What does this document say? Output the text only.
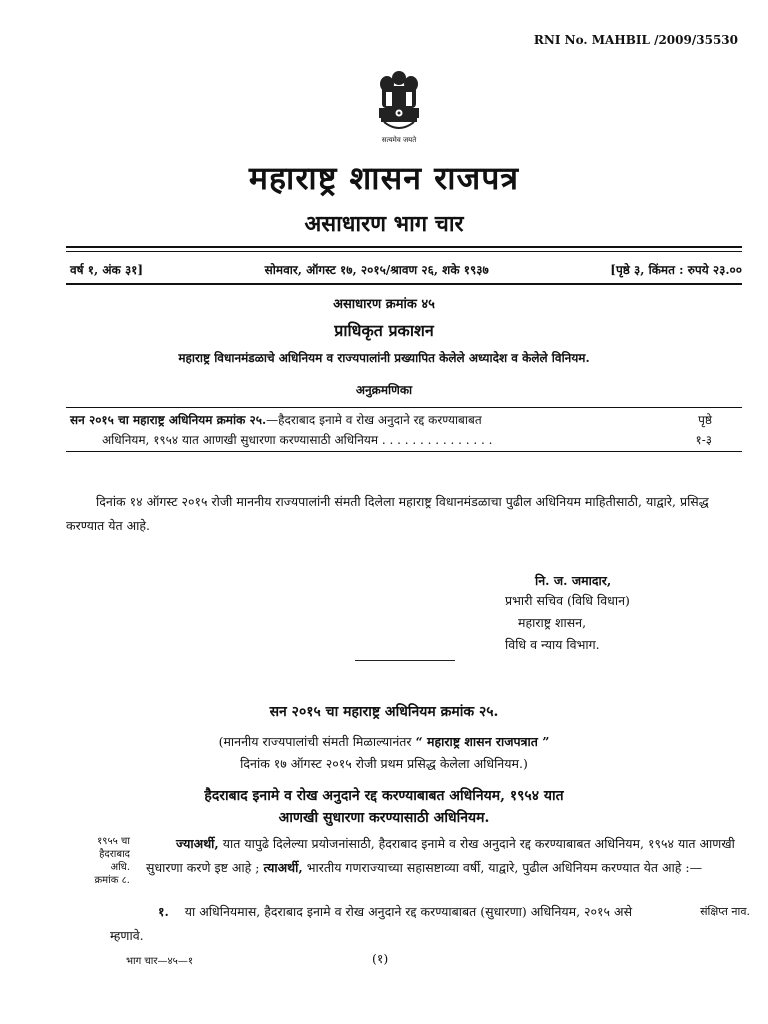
RNI No. MAHBIL /2009/35530
सत्यमेव जयते
महाराष्ट्र शासन राजपत्र
असाधारण भाग चार
वर्ष १, अंक ३१]	सोमवार, ऑगस्ट १७, २०१५/श्रावण २६, शके १९३७	[पृष्ठे ३, किंमत : रुपये २३.००
असाधारण क्रमांक ४५
प्राधिकृत प्रकाशन
महाराष्ट्र विधानमंडळाचे अधिनियम व राज्यपालांनी प्रख्यापित केलेले अध्यादेश व केलेले विनियम.
अनुक्रमणिका
सन २०१५ चा महाराष्ट्र अधिनियम क्रमांक २५.—हैदराबाद इनामे व रोख अनुदाने रद्द करण्याबाबत	पृष्ठे
अधिनियम, १९५४ यात आणखी सुधारणा करण्यासाठी अधिनियम . . . . . . . . . . . . . . .	१-३
दिनांक १४ ऑगस्ट २०१५ रोजी माननीय राज्यपालांनी संमती दिलेला महाराष्ट्र विधानमंडळाचा पुढील अधिनियम माहितीसाठी, याद्वारे, प्रसिद्ध करण्यात येत आहे.
नि. ज. जमादार,
प्रभारी सचिव (विधि विधान)
महाराष्ट्र शासन,
विधि व न्याय विभाग.
सन २०१५ चा महाराष्ट्र अधिनियम क्रमांक २५.
(माननीय राज्यपालांची संमती मिळाल्यानंतर “ महाराष्ट्र शासन राजपत्रात ”
दिनांक १७ ऑगस्ट २०१५ रोजी प्रथम प्रसिद्ध केलेला अधिनियम.)
हैदराबाद इनामे व रोख अनुदाने रद्द करण्याबाबत अधिनियम, १९५४ यात
आणखी सुधारणा करण्यासाठी अधिनियम.
१९५५ चा
हैदराबाद
अधि.
क्रमांक ८.
ज्याअर्थी, यात यापुढे दिलेल्या प्रयोजनांसाठी, हैदराबाद इनामे व रोख अनुदाने रद्द करण्याबाबत अधिनियम, १९५४ यात आणखी सुधारणा करणे इष्ट आहे ; त्याअर्थी, भारतीय गणराज्याच्या सहासष्टाव्या वर्षी, याद्वारे, पुढील अधिनियम करण्यात येत आहे :—
संक्षिप्त नाव.
१. या अधिनियमास, हैदराबाद इनामे व रोख अनुदाने रद्द करण्याबाबत (सुधारणा) अधिनियम, २०१५ असे म्हणावे.
भाग चार—४५—१	(१)
